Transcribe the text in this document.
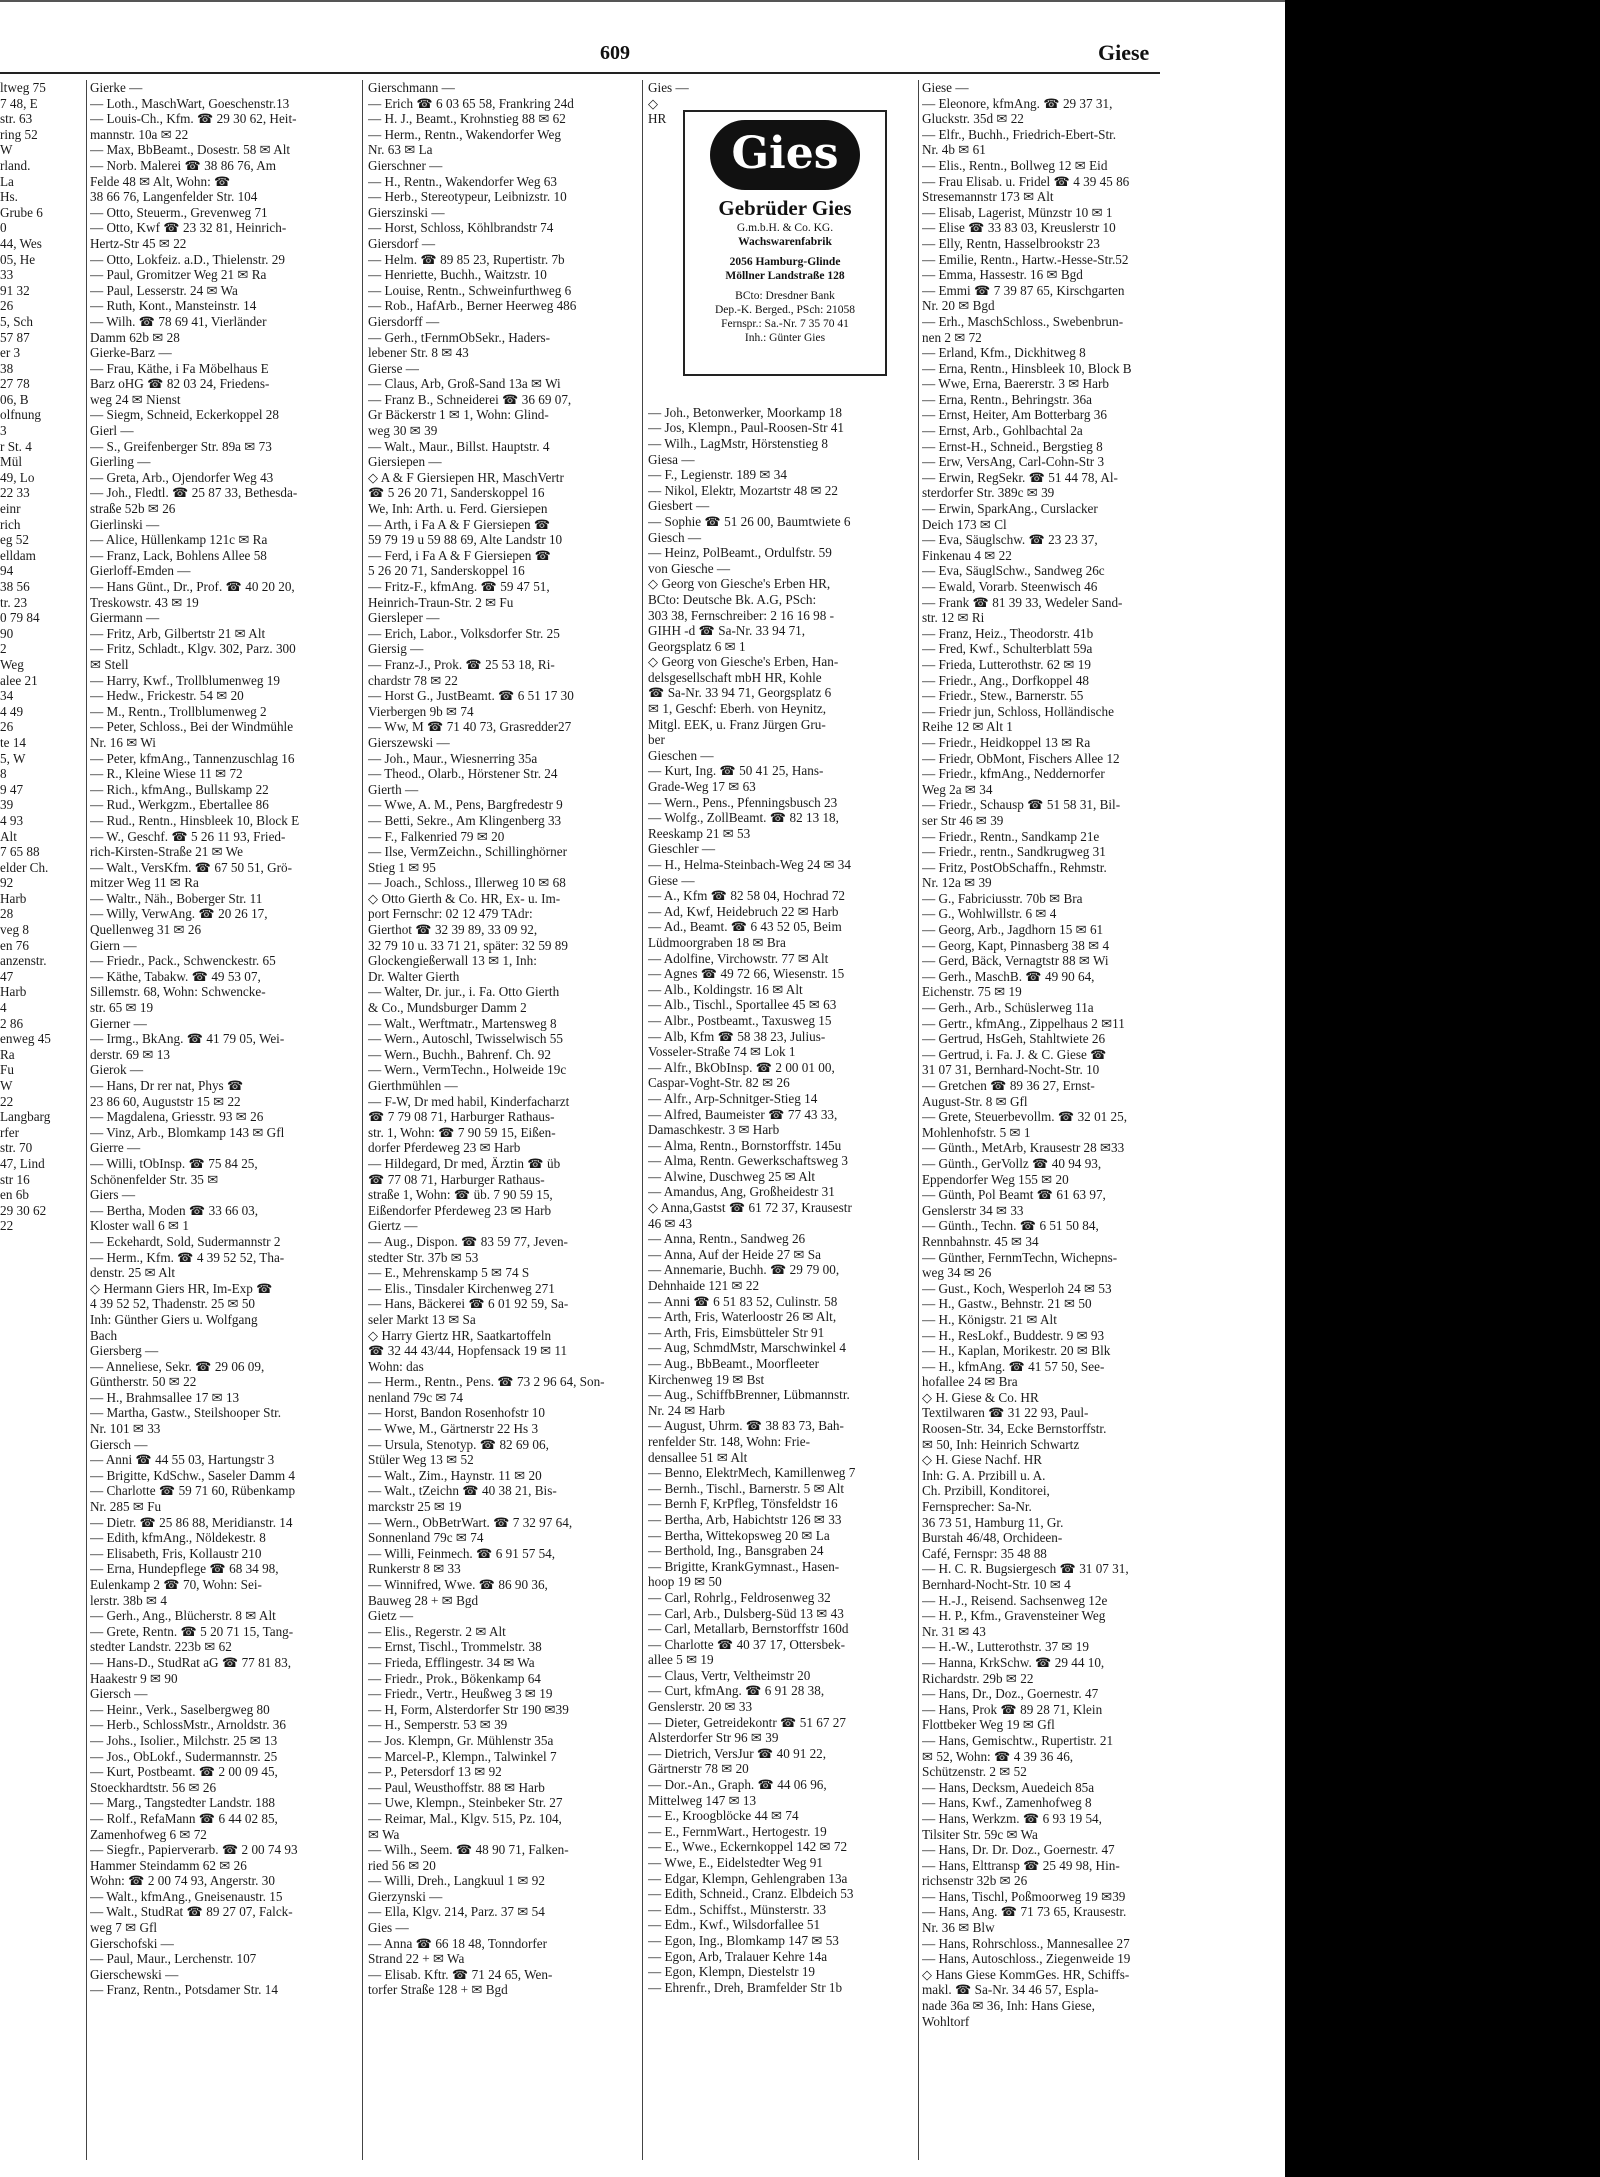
609	Giese
ltweg 75
7 48, E
str. 63
ring 52
W
rland.
La
Hs.
Grube 6
0
44, Wes
05, He
33
91 32
26
5, Sch
57 87
er 3
38
27 78
06, B
olfnung
3
r St. 4
Mül
49, Lo
22 33
einr
rich
eg 52
elldam
94
38 56
tr. 23
0 79 84
90
2
Weg
alee 21
34
4 49
26
te 14
5, W
8
9 47
39
4 93
Alt
7 65 88
elder Ch.
92
Harb
28
veg 8
en 76
anzenstr.
47
Harb
4
2 86
enweg 45
Ra
Fu
W
22
Langbarg
rfer
str. 70
47, Lind
str 16
en 6b
29 30 62
22
Gierke —
— Loth., MaschWart, Goeschenstr.13
— Louis-Ch., Kfm. ☎ 29 30 62, Heit-
mannstr. 10a ✉ 22
— Max, BbBeamt., Dosestr. 58 ✉ Alt
— Norb. Malerei ☎ 38 86 76, Am
Felde 48 ✉ Alt, Wohn: ☎
38 66 76, Langenfelder Str. 104
— Otto, Steuerm., Grevenweg 71
— Otto, Kwf ☎ 23 32 81, Heinrich-
Hertz-Str 45 ✉ 22
— Otto, Lokfeiz. a.D., Thielenstr. 29
— Paul, Gromitzer Weg 21 ✉ Ra
— Paul, Lesserstr. 24 ✉ Wa
— Ruth, Kont., Mansteinstr. 14
— Wilh. ☎ 78 69 41, Vierländer
Damm 62b ✉ 28
Gierke-Barz —
— Frau, Käthe, i Fa Möbelhaus E
Barz oHG ☎ 82 03 24, Friedens-
weg 24 ✉ Nienst
— Siegm, Schneid, Eckerkoppel 28
Gierl —
— S., Greifenberger Str. 89a ✉ 73
Gierling —
— Greta, Arb., Ojendorfer Weg 43
— Joh., Fledtl. ☎ 25 87 33, Bethesda-
straße 52b ✉ 26
Gierlinski —
— Alice, Hüllenkamp 121c ✉ Ra
— Franz, Lack, Bohlens Allee 58
Gierloff-Emden —
— Hans Günt., Dr., Prof. ☎ 40 20 20,
Treskowstr. 43 ✉ 19
Giermann —
— Fritz, Arb, Gilbertstr 21 ✉ Alt
— Fritz, Schladt., Klgv. 302, Parz. 300
✉ Stell
— Harry, Kwf., Trollblumenweg 19
— Hedw., Frickestr. 54 ✉ 20
— M., Rentn., Trollblumenweg 2
— Peter, Schloss., Bei der Windmühle
Nr. 16 ✉ Wi
— Peter, kfmAng., Tannenzuschlag 16
— R., Kleine Wiese 11 ✉ 72
— Rich., kfmAng., Bullskamp 22
— Rud., Werkgzm., Ebertallee 86
— Rud., Rentn., Hinsbleek 10, Block E
— W., Geschf. ☎ 5 26 11 93, Fried-
rich-Kirsten-Straße 21 ✉ We
— Walt., VersKfm. ☎ 67 50 51, Grö-
mitzer Weg 11 ✉ Ra
— Waltr., Näh., Boberger Str. 11
— Willy, VerwAng. ☎ 20 26 17,
Quellenweg 31 ✉ 26
Giern —
— Friedr., Pack., Schwenckestr. 65
— Käthe, Tabakw. ☎ 49 53 07,
Sillemstr. 68, Wohn: Schwencke-
str. 65 ✉ 19
Gierner —
— Irmg., BkAng. ☎ 41 79 05, Wei-
derstr. 69 ✉ 13
Gierok —
— Hans, Dr rer nat, Phys ☎
23 86 60, Auguststr 15 ✉ 22
— Magdalena, Griesstr. 93 ✉ 26
— Vinz, Arb., Blomkamp 143 ✉ Gfl
Gierre —
— Willi, tObInsp. ☎ 75 84 25,
Schönenfelder Str. 35 ✉
Giers —
— Bertha, Moden ☎ 33 66 03,
Kloster wall 6 ✉ 1
— Eckehardt, Sold, Sudermannstr 2
— Herm., Kfm. ☎ 4 39 52 52, Tha-
denstr. 25 ✉ Alt
◇ Hermann Giers HR, Im-Exp ☎
4 39 52 52, Thadenstr. 25 ✉ 50
Inh: Günther Giers u. Wolfgang
Bach
Giersberg —
— Anneliese, Sekr. ☎ 29 06 09,
Güntherstr. 50 ✉ 22
— H., Brahmsallee 17 ✉ 13
— Martha, Gastw., Steilshooper Str.
Nr. 101 ✉ 33
Giersch —
— Anni ☎ 44 55 03, Hartungstr 3
— Brigitte, KdSchw., Saseler Damm 4
— Charlotte ☎ 59 71 60, Rübenkamp
Nr. 285 ✉ Fu
— Dietr. ☎ 25 86 88, Meridianstr. 14
— Edith, kfmAng., Nöldekestr. 8
— Elisabeth, Fris, Kollaustr 210
— Erna, Hundepflege ☎ 68 34 98,
Eulenkamp 2 ☎ 70, Wohn: Sei-
lerstr. 38b ✉ 4
— Gerh., Ang., Blücherstr. 8 ✉ Alt
— Grete, Rentn. ☎ 5 20 71 15, Tang-
stedter Landstr. 223b ✉ 62
— Hans-D., StudRat aG ☎ 77 81 83,
Haakestr 9 ✉ 90
Giersch —
— Heinr., Verk., Saselbergweg 80
— Herb., SchlossMstr., Arnoldstr. 36
— Johs., Isolier., Milchstr. 25 ✉ 13
— Jos., ObLokf., Sudermannstr. 25
— Kurt, Postbeamt. ☎ 2 00 09 45,
Stoeckhardtstr. 56 ✉ 26
— Marg., Tangstedter Landstr. 188
— Rolf., RefaMann ☎ 6 44 02 85,
Zamenhofweg 6 ✉ 72
— Siegfr., Papierverarb. ☎ 2 00 74 93
Hammer Steindamm 62 ✉ 26
Wohn: ☎ 2 00 74 93, Angerstr. 30
— Walt., kfmAng., Gneisenaustr. 15
— Walt., StudRat ☎ 89 27 07, Falck-
weg 7 ✉ Gfl
Gierschofski —
— Paul, Maur., Lerchenstr. 107
Gierschewski —
— Franz, Rentn., Potsdamer Str. 14
Gierschmann —
— Erich ☎ 6 03 65 58, Frankring 24d
— H. J., Beamt., Krohnstieg 88 ✉ 62
— Herm., Rentn., Wakendorfer Weg
Nr. 63 ✉ La
Gierschner —
— H., Rentn., Wakendorfer Weg 63
— Herb., Stereotypeur, Leibnizstr. 10
Gierszinski —
— Horst, Schloss, Köhlbrandstr 74
Giersdorf —
— Helm. ☎ 89 85 23, Rupertistr. 7b
— Henriette, Buchh., Waitzstr. 10
— Louise, Rentn., Schweinfurthweg 6
— Rob., HafArb., Berner Heerweg 486
Giersdorff —
— Gerh., tFernmObSekr., Haders-
lebener Str. 8 ✉ 43
Gierse —
— Claus, Arb, Groß-Sand 13a ✉ Wi
— Franz B., Schneiderei ☎ 36 69 07,
Gr Bäckerstr 1 ✉ 1, Wohn: Glind-
weg 30 ✉ 39
— Walt., Maur., Billst. Hauptstr. 4
Giersiepen —
◇ A & F Giersiepen HR, MaschVertr
☎ 5 26 20 71, Sanderskoppel 16
We, Inh: Arth. u. Ferd. Giersiepen
— Arth, i Fa A & F Giersiepen ☎
59 79 19 u 59 88 69, Alte Landstr 10
— Ferd, i Fa A & F Giersiepen ☎
5 26 20 71, Sanderskoppel 16
— Fritz-F., kfmAng. ☎ 59 47 51,
Heinrich-Traun-Str. 2 ✉ Fu
Giersleper —
— Erich, Labor., Volksdorfer Str. 25
Giersig —
— Franz-J., Prok. ☎ 25 53 18, Ri-
chardstr 78 ✉ 22
— Horst G., JustBeamt. ☎ 6 51 17 30
Vierbergen 9b ✉ 74
— Ww, M ☎ 71 40 73, Grasredder27
Gierszewski —
— Joh., Maur., Wiesnerring 35a
— Theod., Olarb., Hörstener Str. 24
Gierth —
— Wwe, A. M., Pens, Bargfredestr 9
— Betti, Sekre., Am Klingenberg 33
— F., Falkenried 79 ✉ 20
— Ilse, VermZeichn., Schillinghörner
Stieg 1 ✉ 95
— Joach., Schloss., Illerweg 10 ✉ 68
◇ Otto Gierth & Co. HR, Ex- u. Im-
port Fernschr: 02 12 479 TAdr:
Gierthot ☎ 32 39 89, 33 09 92,
32 79 10 u. 33 71 21, später: 32 59 89
Glockengießerwall 13 ✉ 1, Inh:
Dr. Walter Gierth
— Walter, Dr. jur., i. Fa. Otto Gierth
& Co., Mundsburger Damm 2
— Walt., Werftmatr., Martensweg 8
— Wern., Autoschl, Twisselwisch 55
— Wern., Buchh., Bahrenf. Ch. 92
— Wern., VermTechn., Holweide 19c
Gierthmühlen —
— F-W, Dr med habil, Kinderfacharzt
☎ 7 79 08 71, Harburger Rathaus-
str. 1, Wohn: ☎ 7 90 59 15, Eißen-
dorfer Pferdeweg 23 ✉ Harb
— Hildegard, Dr med, Ärztin ☎ üb
☎ 77 08 71, Harburger Rathaus-
straße 1, Wohn: ☎ üb. 7 90 59 15,
Eißendorfer Pferdeweg 23 ✉ Harb
Giertz —
— Aug., Dispon. ☎ 83 59 77, Jeven-
stedter Str. 37b ✉ 53
— E., Mehrenskamp 5 ✉ 74 S
— Elis., Tinsdaler Kirchenweg 271
— Hans, Bäckerei ☎ 6 01 92 59, Sa-
seler Markt 13 ✉ Sa
◇ Harry Giertz HR, Saatkartoffeln
☎ 32 44 43/44, Hopfensack 19 ✉ 11
Wohn: das
— Herm., Rentn., Pens. ☎ 73 2 96 64, Son-
nenland 79c ✉ 74
— Horst, Bandon Rosenhofstr 10
— Wwe, M., Gärtnerstr 22 Hs 3
— Ursula, Stenotyp. ☎ 82 69 06,
Stüler Weg 13 ✉ 52
— Walt., Zim., Haynstr. 11 ✉ 20
— Walt., tZeichn ☎ 40 38 21, Bis-
marckstr 25 ✉ 19
— Wern., ObBetrWart. ☎ 7 32 97 64,
Sonnenland 79c ✉ 74
— Willi, Feinmech. ☎ 6 91 57 54,
Runkerstr 8 ✉ 33
— Winnifred, Wwe. ☎ 86 90 36,
Bauweg 28 + ✉ Bgd
Gietz —
— Elis., Regerstr. 2 ✉ Alt
— Ernst, Tischl., Trommelstr. 38
— Frieda, Efflingestr. 34 ✉ Wa
— Friedr., Prok., Bökenkamp 64
— Friedr., Vertr., Heußweg 3 ✉ 19
— H, Form, Alsterdorfer Str 190 ✉39
— H., Semperstr. 53 ✉ 39
— Jos. Klempn, Gr. Mühlenstr 35a
— Marcel-P., Klempn., Talwinkel 7
— P., Petersdorf 13 ✉ 92
— Paul, Weusthoffstr. 88 ✉ Harb
— Uwe, Klempn., Steinbeker Str. 27
— Reimar, Mal., Klgv. 515, Pz. 104,
✉ Wa
— Wilh., Seem. ☎ 48 90 71, Falken-
ried 56 ✉ 20
— Willi, Dreh., Langkuul 1 ✉ 92
Gierzynski —
— Ella, Klgv. 214, Parz. 37 ✉ 54
Gies —
— Anna ☎ 66 18 48, Tonndorfer
Strand 22 + ✉ Wa
— Elisab. Kftr. ☎ 71 24 65, Wen-
torfer Straße 128 + ✉ Bgd
Gies —
◇
HR
— Joh., Betonwerker, Moorkamp 18
— Jos, Klempn., Paul-Roosen-Str 41
— Wilh., LagMstr, Hörstenstieg 8
Giesa —
— F., Legienstr. 189 ✉ 34
— Nikol, Elektr, Mozartstr 48 ✉ 22
Giesbert —
— Sophie ☎ 51 26 00, Baumtwiete 6
Giesch —
— Heinz, PolBeamt., Ordulfstr. 59
von Giesche —
◇ Georg von Giesche's Erben HR,
BCto: Deutsche Bk. A.G, PSch:
303 38, Fernschreiber: 2 16 16 98 -
GIHH -d ☎ Sa-Nr. 33 94 71,
Georgsplatz 6 ✉ 1
◇ Georg von Giesche's Erben, Han-
delsgesellschaft mbH HR, Kohle
☎ Sa-Nr. 33 94 71, Georgsplatz 6
✉ 1, Geschf: Eberh. von Heynitz,
Mitgl. EEK, u. Franz Jürgen Gru-
ber
Gieschen —
— Kurt, Ing. ☎ 50 41 25, Hans-
Grade-Weg 17 ✉ 63
— Wern., Pens., Pfenningsbusch 23
— Wolfg., ZollBeamt. ☎ 82 13 18,
Reeskamp 21 ✉ 53
Gieschler —
— H., Helma-Steinbach-Weg 24 ✉ 34
Giese —
— A., Kfm ☎ 82 58 04, Hochrad 72
— Ad, Kwf, Heidebruch 22 ✉ Harb
— Ad., Beamt. ☎ 6 43 52 05, Beim
Lüdmoorgraben 18 ✉ Bra
— Adolfine, Virchowstr. 77 ✉ Alt
— Agnes ☎ 49 72 66, Wiesenstr. 15
— Alb., Koldingstr. 16 ✉ Alt
— Alb., Tischl., Sportallee 45 ✉ 63
— Albr., Postbeamt., Taxusweg 15
— Alb, Kfm ☎ 58 38 23, Julius-
Vosseler-Straße 74 ✉ Lok 1
— Alfr., BkObInsp. ☎ 2 00 01 00,
Caspar-Voght-Str. 82 ✉ 26
— Alfr., Arp-Schnitger-Stieg 14
— Alfred, Baumeister ☎ 77 43 33,
Damaschkestr. 3 ✉ Harb
— Alma, Rentn., Bornstorffstr. 145u
— Alma, Rentn. Gewerkschaftsweg 3
— Alwine, Duschweg 25 ✉ Alt
— Amandus, Ang, Großheidestr 31
◇ Anna,Gastst ☎ 61 72 37, Krausestr
46 ✉ 43
— Anna, Rentn., Sandweg 26
— Anna, Auf der Heide 27 ✉ Sa
— Annemarie, Buchh. ☎ 29 79 00,
Dehnhaide 121 ✉ 22
— Anni ☎ 6 51 83 52, Culinstr. 58
— Arth, Fris, Waterloostr 26 ✉ Alt,
— Arth, Fris, Eimsbütteler Str 91
— Aug, SchmdMstr, Marschwinkel 4
— Aug., BbBeamt., Moorfleeter
Kirchenweg 19 ✉ Bst
— Aug., SchiffbBrenner, Lübmannstr.
Nr. 24 ✉ Harb
— August, Uhrm. ☎ 38 83 73, Bah-
renfelder Str. 148, Wohn: Frie-
densallee 51 ✉ Alt
— Benno, ElektrMech, Kamillenweg 7
— Bernh., Tischl., Barnerstr. 5 ✉ Alt
— Bernh F, KrPfleg, Tönsfeldstr 16
— Bertha, Arb, Habichtstr 126 ✉ 33
— Bertha, Wittekopsweg 20 ✉ La
— Berthold, Ing., Bansgraben 24
— Brigitte, KrankGymnast., Hasen-
hoop 19 ✉ 50
— Carl, Rohrlg., Feldrosenweg 32
— Carl, Arb., Dulsberg-Süd 13 ✉ 43
— Carl, Metallarb, Bernstorffstr 160d
— Charlotte ☎ 40 37 17, Ottersbek-
allee 5 ✉ 19
— Claus, Vertr, Veltheimstr 20
— Curt, kfmAng. ☎ 6 91 28 38,
Genslerstr. 20 ✉ 33
— Dieter, Getreidekontr ☎ 51 67 27
Alsterdorfer Str 96 ✉ 39
— Dietrich, VersJur ☎ 40 91 22,
Gärtnerstr 78 ✉ 20
— Dor.-An., Graph. ☎ 44 06 96,
Mittelweg 147 ✉ 13
— E., Kroogblöcke 44 ✉ 74
— E., FernmWart., Hertogestr. 19
— E., Wwe., Eckernkoppel 142 ✉ 72
— Wwe, E., Eidelstedter Weg 91
— Edgar, Klempn, Gehlengraben 13a
— Edith, Schneid., Cranz. Elbdeich 53
— Edm., Schiffst., Münsterstr. 33
— Edm., Kwf., Wilsdorfallee 51
— Egon, Ing., Blomkamp 147 ✉ 53
— Egon, Arb, Tralauer Kehre 14a
— Egon, Klempn, Diestelstr 19
— Ehrenfr., Dreh, Bramfelder Str 1b
Giese —
— Eleonore, kfmAng. ☎ 29 37 31,
Gluckstr. 35d ✉ 22
— Elfr., Buchh., Friedrich-Ebert-Str.
Nr. 4b ✉ 61
— Elis., Rentn., Bollweg 12 ✉ Eid
— Frau Elisab. u. Fridel ☎ 4 39 45 86
Stresemannstr 173 ✉ Alt
— Elisab, Lagerist, Münzstr 10 ✉ 1
— Elise ☎ 33 83 03, Kreuslerstr 10
— Elly, Rentn, Hasselbrookstr 23
— Emilie, Rentn., Hartw.-Hesse-Str.52
— Emma, Hassestr. 16 ✉ Bgd
— Emmi ☎ 7 39 87 65, Kirschgarten
Nr. 20 ✉ Bgd
— Erh., MaschSchloss., Swebenbrun-
nen 2 ✉ 72
— Erland, Kfm., Dickhitweg 8
— Erna, Rentn., Hinsbleek 10, Block B
— Wwe, Erna, Baererstr. 3 ✉ Harb
— Erna, Rentn., Behringstr. 36a
— Ernst, Heiter, Am Botterbarg 36
— Ernst, Arb., Gohlbachtal 2a
— Ernst-H., Schneid., Bergstieg 8
— Erw, VersAng, Carl-Cohn-Str 3
— Erwin, RegSekr. ☎ 51 44 78, Al-
sterdorfer Str. 389c ✉ 39
— Erwin, SparkAng., Curslacker
Deich 173 ✉ Cl
— Eva, Säuglschw. ☎ 23 23 37,
Finkenau 4 ✉ 22
— Eva, SäuglSchw., Sandweg 26c
— Ewald, Vorarb. Steenwisch 46
— Frank ☎ 81 39 33, Wedeler Sand-
str. 12 ✉ Ri
— Franz, Heiz., Theodorstr. 41b
— Fred, Kwf., Schulterblatt 59a
— Frieda, Lutterothstr. 62 ✉ 19
— Friedr., Ang., Dorfkoppel 48
— Friedr., Stew., Barnerstr. 55
— Friedr jun, Schloss, Holländische
Reihe 12 ✉ Alt 1
— Friedr., Heidkoppel 13 ✉ Ra
— Friedr, ObMont, Fischers Allee 12
— Friedr., kfmAng., Neddernorfer
Weg 2a ✉ 34
— Friedr., Schausp ☎ 51 58 31, Bil-
ser Str 46 ✉ 39
— Friedr., Rentn., Sandkamp 21e
— Friedr., rentn., Sandkrugweg 31
— Fritz, PostObSchaffn., Rehmstr.
Nr. 12a ✉ 39
— G., Fabriciusstr. 70b ✉ Bra
— G., Wohlwillstr. 6 ✉ 4
— Georg, Arb., Jagdhorn 15 ✉ 61
— Georg, Kapt, Pinnasberg 38 ✉ 4
— Gerd, Bäck, Vernagtstr 88 ✉ Wi
— Gerh., MaschB. ☎ 49 90 64,
Eichenstr. 75 ✉ 19
— Gerh., Arb., Schüslerweg 11a
— Gertr., kfmAng., Zippelhaus 2 ✉11
— Gertrud, HsGeh, Stahltwiete 26
— Gertrud, i. Fa. J. & C. Giese ☎
31 07 31, Bernhard-Nocht-Str. 10
— Gretchen ☎ 89 36 27, Ernst-
August-Str. 8 ✉ Gfl
— Grete, Steuerbevollm. ☎ 32 01 25,
Mohlenhofstr. 5 ✉ 1
— Günth., MetArb, Krausestr 28 ✉33
— Günth., GerVollz ☎ 40 94 93,
Eppendorfer Weg 155 ✉ 20
— Günth, Pol Beamt ☎ 61 63 97,
Genslerstr 34 ✉ 33
— Günth., Techn. ☎ 6 51 50 84,
Rennbahnstr. 45 ✉ 34
— Günther, FernmTechn, Wichерns-
weg 34 ✉ 26
— Gust., Koch, Wesperloh 24 ✉ 53
— H., Gastw., Behnstr. 21 ✉ 50
— H., Königstr. 21 ✉ Alt
— H., ResLokf., Buddestr. 9 ✉ 93
— H., Kaplan, Morikestr. 20 ✉ Blk
— H., kfmAng. ☎ 41 57 50, See-
hofallee 24 ✉ Bra
◇ H. Giese & Co. HR
Textilwaren ☎ 31 22 93, Paul-
Roosen-Str. 34, Ecke Bernstorffstr.
✉ 50, Inh: Heinrich Schwartz
◇ H. Giese Nachf. HR
Inh: G. A. Przibill u. A.
Ch. Przibill, Konditorei,
Fernsprecher: Sa-Nr.
36 73 51, Hamburg 11, Gr.
Burstah 46/48, Orchideen-
Café, Fernspr: 35 48 88
— H. C. R. Bugsiergesch ☎ 31 07 31,
Bernhard-Nocht-Str. 10 ✉ 4
— H.-J., Reisend. Sachsenweg 12e
— H. P., Kfm., Gravensteiner Weg
Nr. 31 ✉ 43
— H.-W., Lutterothstr. 37 ✉ 19
— Hanna, KrkSchw. ☎ 29 44 10,
Richardstr. 29b ✉ 22
— Hans, Dr., Doz., Goernestr. 47
— Hans, Prok ☎ 89 28 71, Klein
Flottbeker Weg 19 ✉ Gfl
— Hans, Gemischtw., Rupertistr. 21
✉ 52, Wohn: ☎ 4 39 36 46,
Schützenstr. 2 ✉ 52
— Hans, Decksm, Auedeich 85a
— Hans, Kwf., Zamenhofweg 8
— Hans, Werkzm. ☎ 6 93 19 54,
Tilsiter Str. 59c ✉ Wa
— Hans, Dr. Dr. Doz., Goernestr. 47
— Hans, Elttransp ☎ 25 49 98, Hin-
richsenstr 32b ✉ 26
— Hans, Tischl, Poßmoorweg 19 ✉39
— Hans, Ang. ☎ 71 73 65, Krausestr.
Nr. 36 ✉ Blw
— Hans, Rohrschloss., Mannesallee 27
— Hans, Autoschloss., Ziegenweide 19
◇ Hans Giese KommGes. HR, Schiffs-
makl. ☎ Sa-Nr. 34 46 57, Espla-
nade 36a ✉ 36, Inh: Hans Giese,
Wohltorf
Gies
Gebrüder Gies
G.m.b.H. & Co. KG.
Wachswarenfabrik
2056 Hamburg-Glinde
Möllner Landstraße 128
BCto: Dresdner Bank
Dep.-K. Berged., PSch: 21058
Fernspr.: Sa.-Nr. 7 35 70 41
Inh.: Günter Gies
